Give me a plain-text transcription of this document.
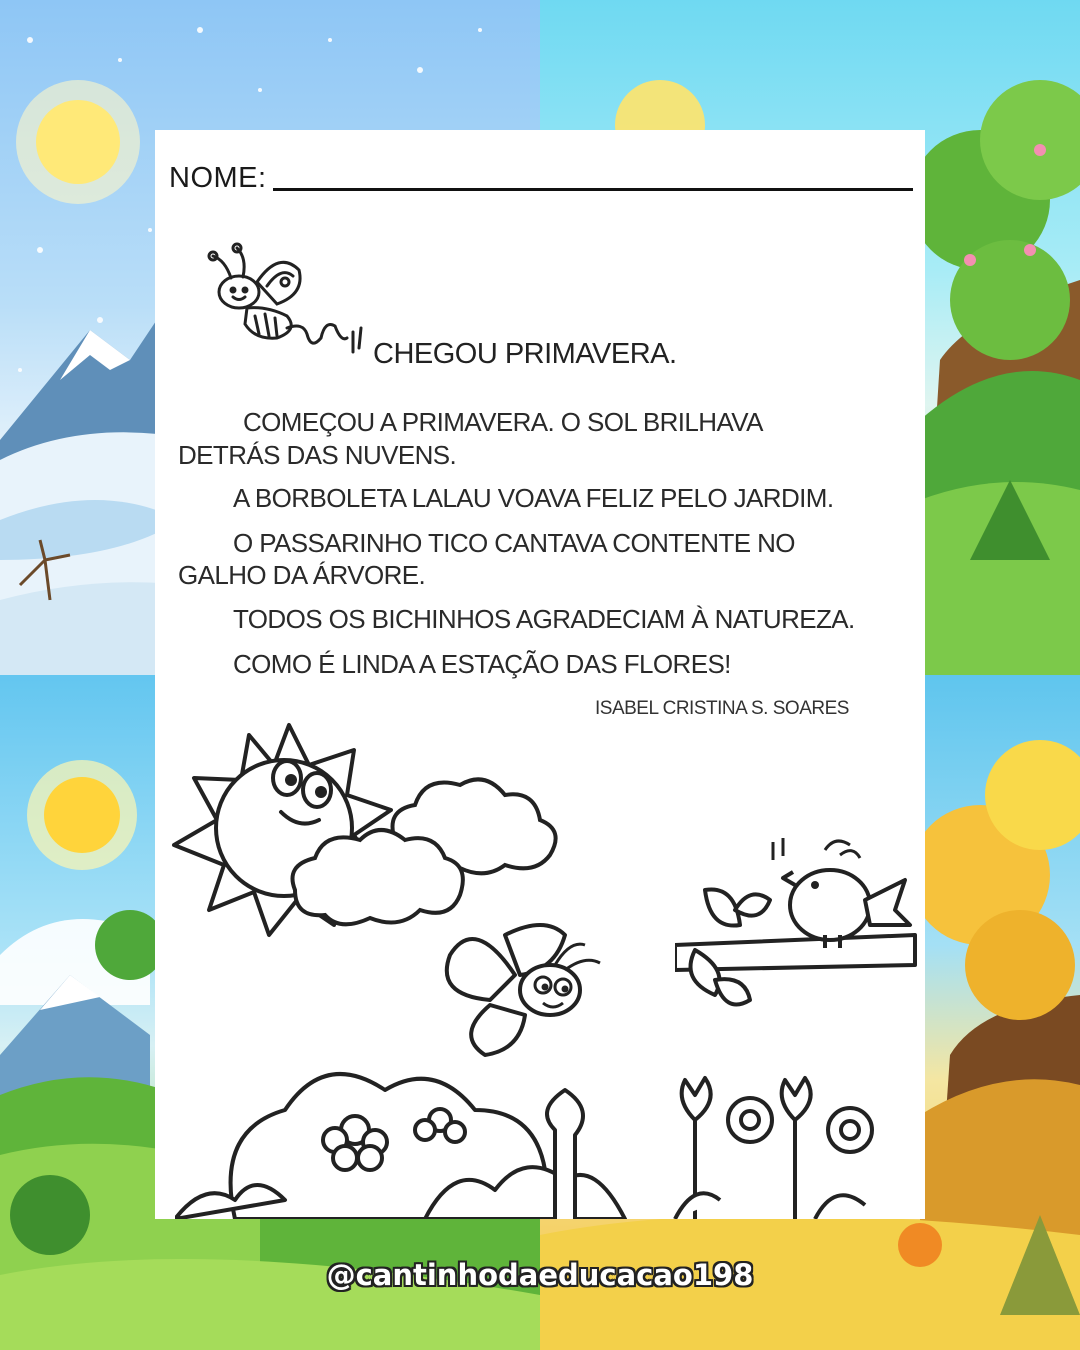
NOME:
CHEGOU PRIMAVERA.
COMEÇOU A PRIMAVERA. O SOL BRILHAVA
DETRÁS DAS NUVENS.
A BORBOLETA LALAU VOAVA FELIZ PELO JARDIM.
O PASSARINHO TICO CANTAVA CONTENTE NO
GALHO DA ÁRVORE.
TODOS OS BICHINHOS AGRADECIAM À NATUREZA.
COMO É LINDA A ESTAÇÃO DAS FLORES!
ISABEL CRISTINA S. SOARES
@cantinhodaeducacao198
